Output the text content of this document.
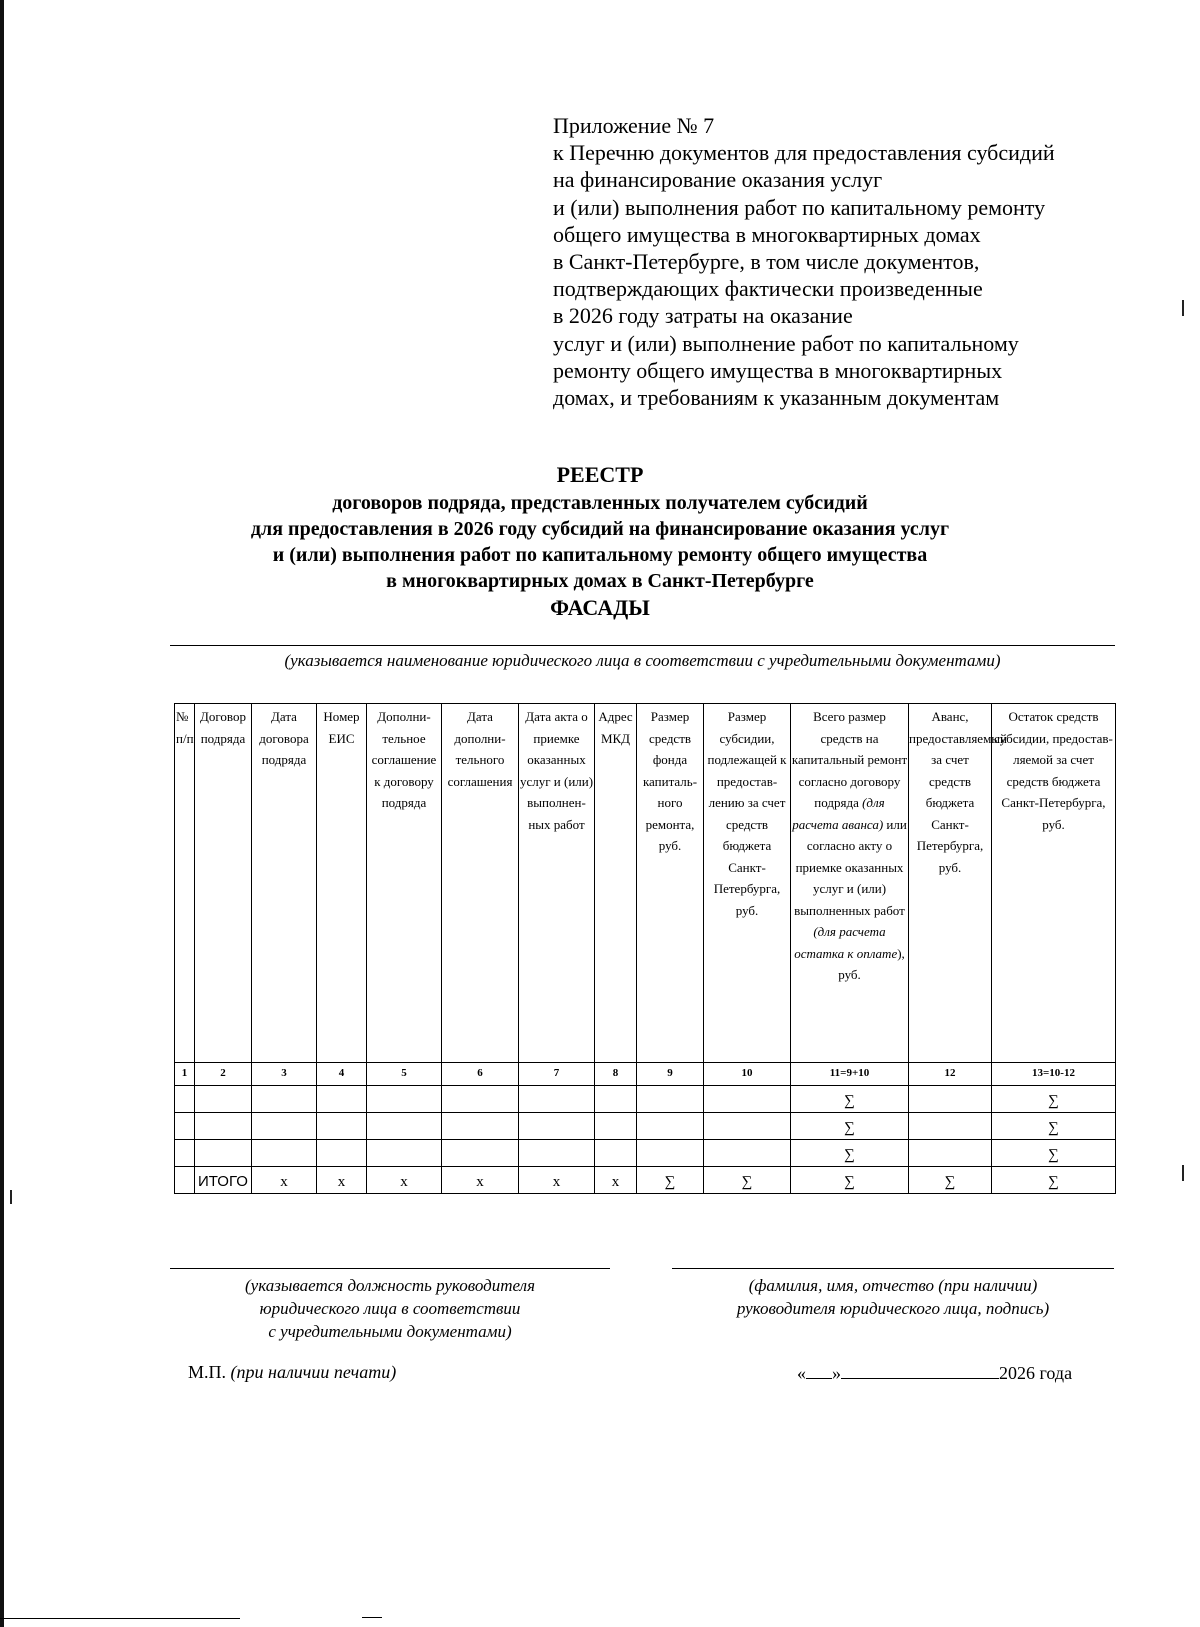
Приложение № 7
к Перечню документов для предоставления субсидий
на финансирование оказания услуг
и (или) выполнения работ по капитальному ремонту
общего имущества в многоквартирных домах
в Санкт-Петербурге, в том числе документов,
подтверждающих фактически произведенные
в 2026 году затраты на оказание
услуг и (или) выполнение работ по капитальному
ремонту общего имущества в многоквартирных
домах, и требованиям к указанным документам
РЕЕСТР
договоров подряда, представленных получателем субсидий
для предоставления в 2026 году субсидий на финансирование оказания услуг
и (или) выполнения работ по капитальному ремонту общего имущества
в многоквартирных домах в Санкт-Петербурге
ФАСАДЫ
(указывается наименование юридического лица в соответствии с учредительными документами)
№ п/п	Договор подряда	Дата договора подряда	Номер ЕИС	Дополни-тельное соглашение к договору подряда	Дата дополни-тельного соглашения	Дата акта о приемке оказанных услуг и (или) выполнен-ных работ	Адрес МКД	Размер средств фонда капиталь-ного ремонта, руб.	Размер субсидии, подлежащей к предостав-лению за счет средств бюджета Санкт-Петербурга, руб.	Всего размер средств на капитальный ремонт согласно договору подряда (для расчета аванса) или согласно акту о приемке оказанных услуг и (или) выполненных работ (для расчета остатка к оплате), руб.	Аванс, предоставляемый за счет средств бюджета Санкт-Петербурга, руб.	Остаток средств субсидии, предостав-ляемой за счет средств бюджета Санкт-Петербурга, руб.
1	2	3	4	5	6	7	8	9	10	11=9+10	12	13=10-12
										∑		∑
										∑		∑
										∑		∑
	ИТОГО	х	х	х	х	х	х	∑	∑	∑	∑	∑
(указывается должность руководителя
юридического лица в соответствии
с учредительными документами)
(фамилия, имя, отчество (при наличии)
руководителя юридического лица, подпись)
М.П. (при наличии печати)	« »	2026 года
